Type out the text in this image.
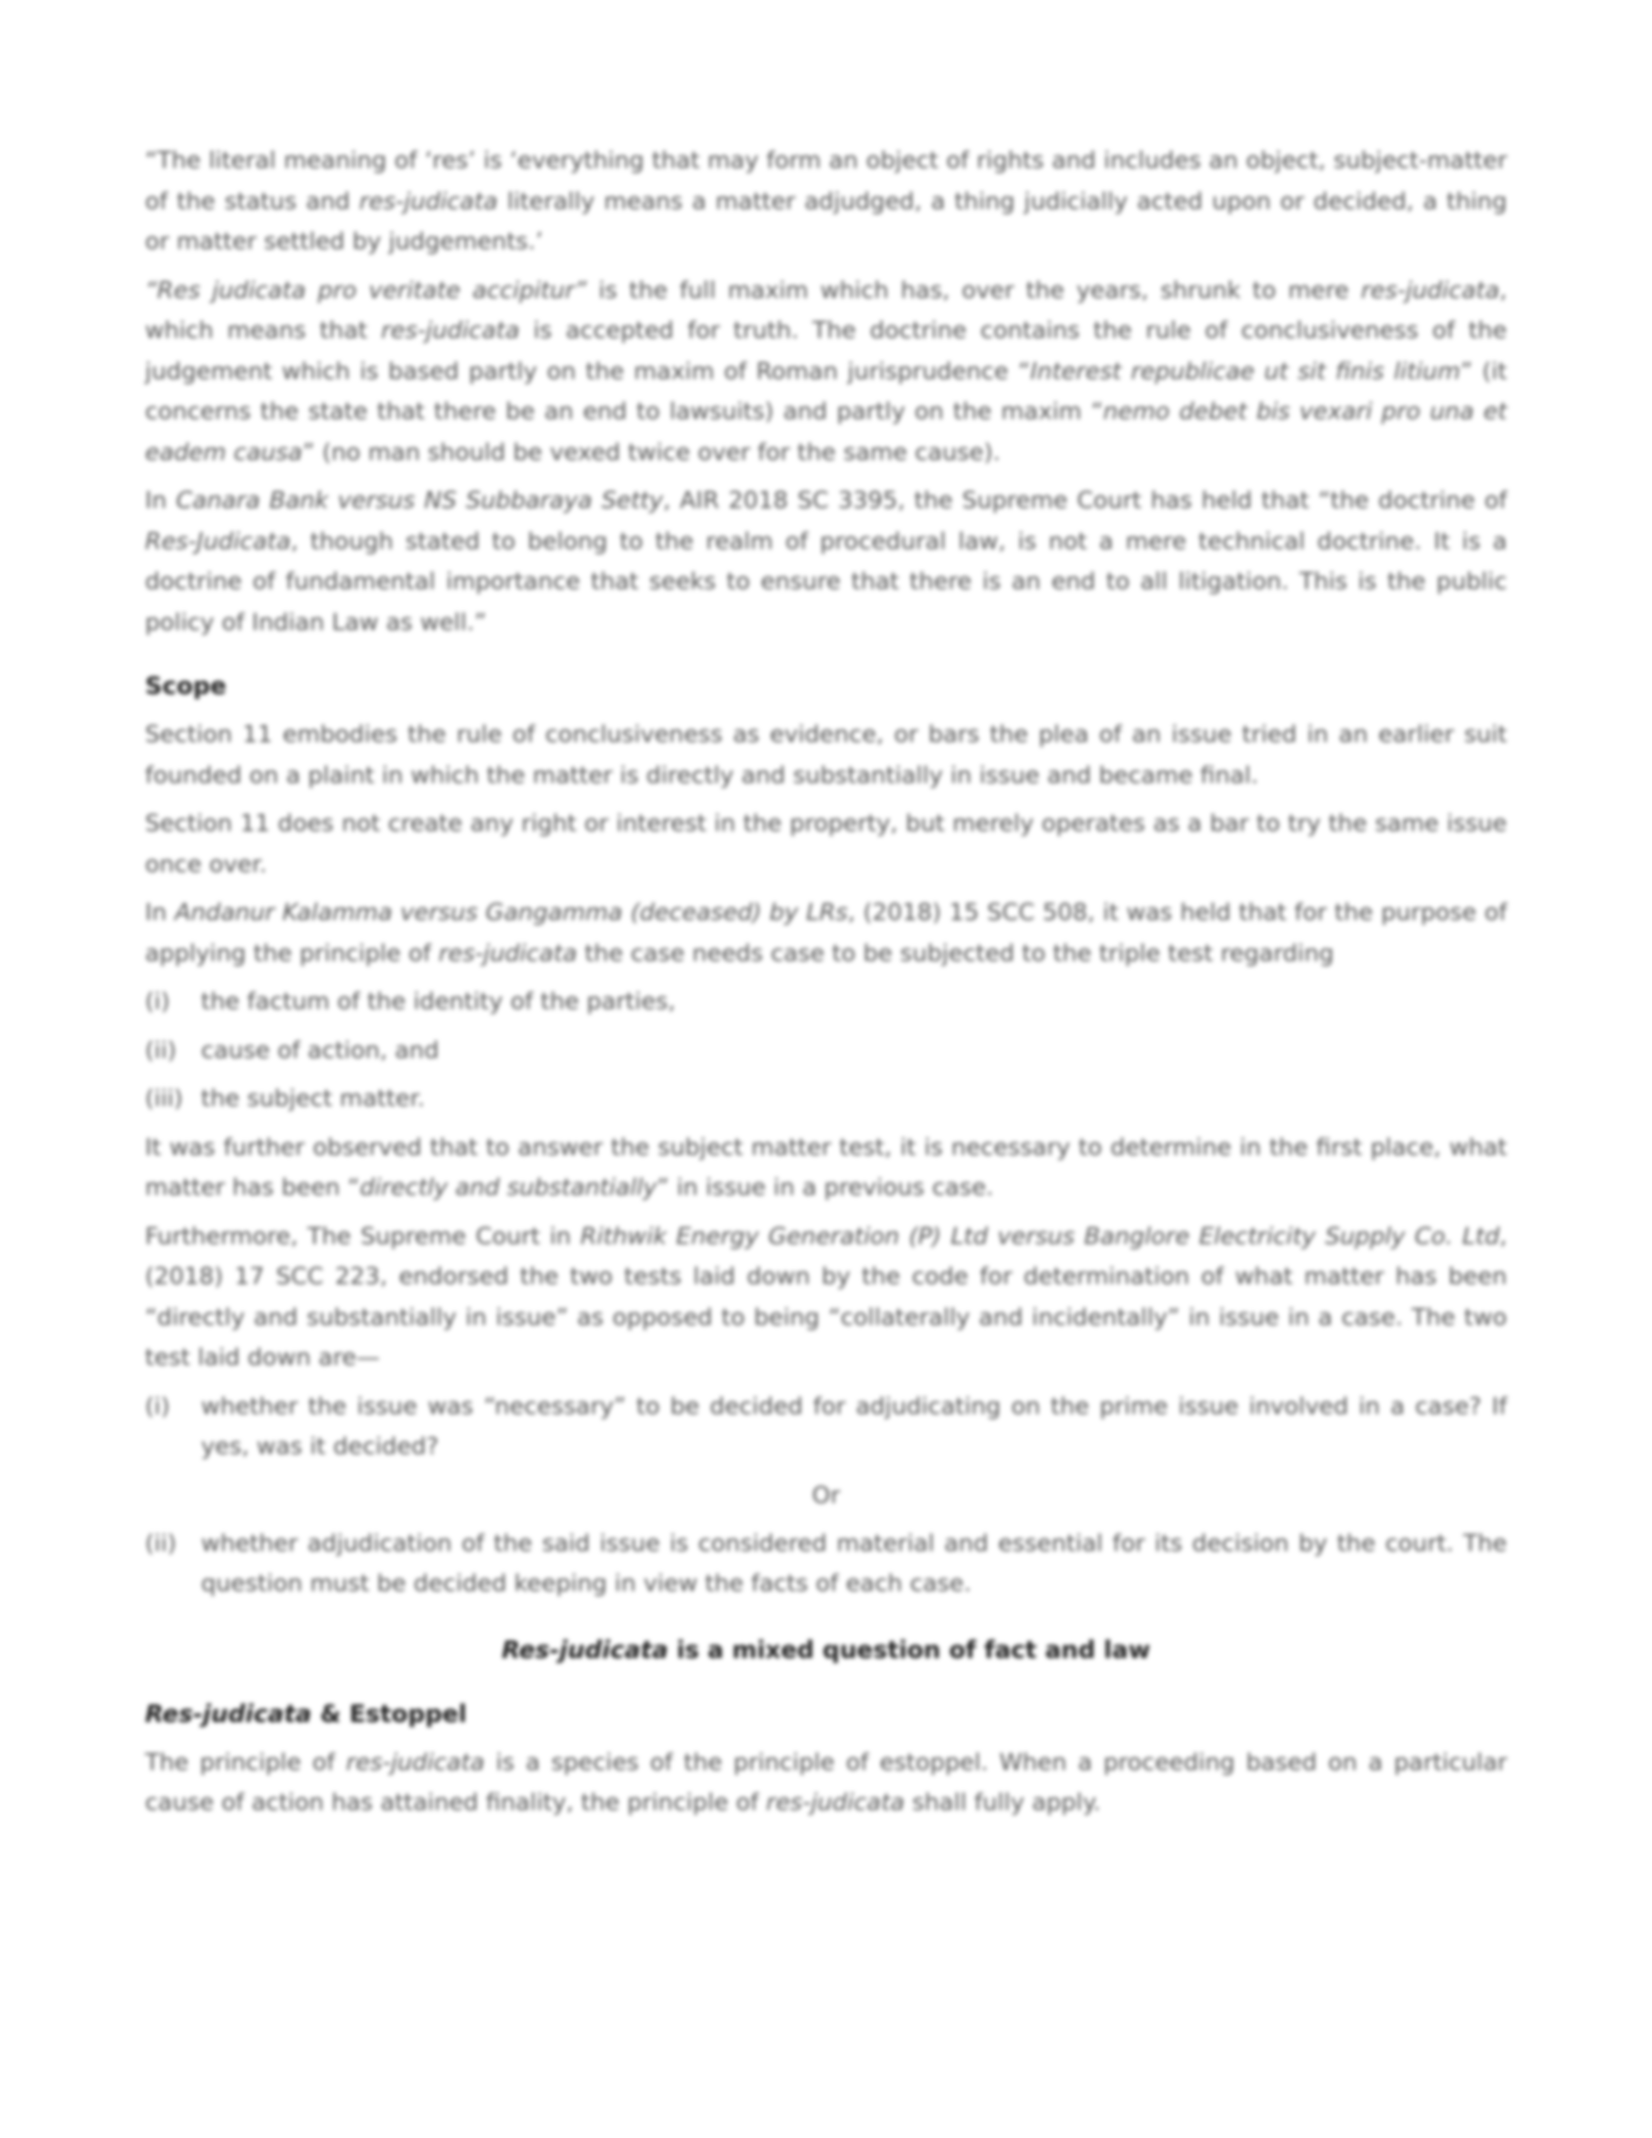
“The literal meaning of ‘res’ is ‘everything that may form an object of rights and includes an object, subject-matter of the status and res-judicata literally means a matter adjudged, a thing judicially acted upon or decided, a thing or matter settled by judgements.’

“Res judicata pro veritate accipitur” is the full maxim which has, over the years, shrunk to mere res-judicata, which means that res-judicata is accepted for truth. The doctrine contains the rule of conclusiveness of the judgement which is based partly on the maxim of Roman jurisprudence “Interest republicae ut sit finis litium” (it concerns the state that there be an end to lawsuits) and partly on the maxim “nemo debet bis vexari pro una et eadem causa” (no man should be vexed twice over for the same cause).

In Canara Bank versus NS Subbaraya Setty, AIR 2018 SC 3395, the Supreme Court has held that “the doctrine of Res-Judicata, though stated to belong to the realm of procedural law, is not a mere technical doctrine. It is a doctrine of fundamental importance that seeks to ensure that there is an end to all litigation. This is the public policy of Indian Law as well.”

Scope

Section 11 embodies the rule of conclusiveness as evidence, or bars the plea of an issue tried in an earlier suit founded on a plaint in which the matter is directly and substantially in issue and became final.

Section 11 does not create any right or interest in the property, but merely operates as a bar to try the same issue once over.

In Andanur Kalamma versus Gangamma (deceased) by LRs, (2018) 15 SCC 508, it was held that for the purpose of applying the principle of res-judicata the case needs case to be subjected to the triple test regarding

(i)	the factum of the identity of the parties,
(ii)	cause of action, and
(iii) the subject matter.

It was further observed that to answer the subject matter test, it is necessary to determine in the first place, what matter has been “directly and substantially” in issue in a previous case.

Furthermore, The Supreme Court in Rithwik Energy Generation (P) Ltd versus Banglore Electricity Supply Co. Ltd, (2018) 17 SCC 223, endorsed the two tests laid down by the code for determination of what matter has been “directly and substantially in issue” as opposed to being “collaterally and incidentally” in issue in a case. The two test laid down are—

(i)	whether the issue was “necessary” to be decided for adjudicating on the prime issue involved in a case? If yes, was it decided?
Or
(ii)	whether adjudication of the said issue is considered material and essential for its decision by the court. The question must be decided keeping in view the facts of each case.
Res-judicata is a mixed question of fact and law
Res-judicata & Estoppel

The principle of res-judicata is a species of the principle of estoppel. When a proceeding based on a particular cause of action has attained finality, the principle of res-judicata shall fully apply.
